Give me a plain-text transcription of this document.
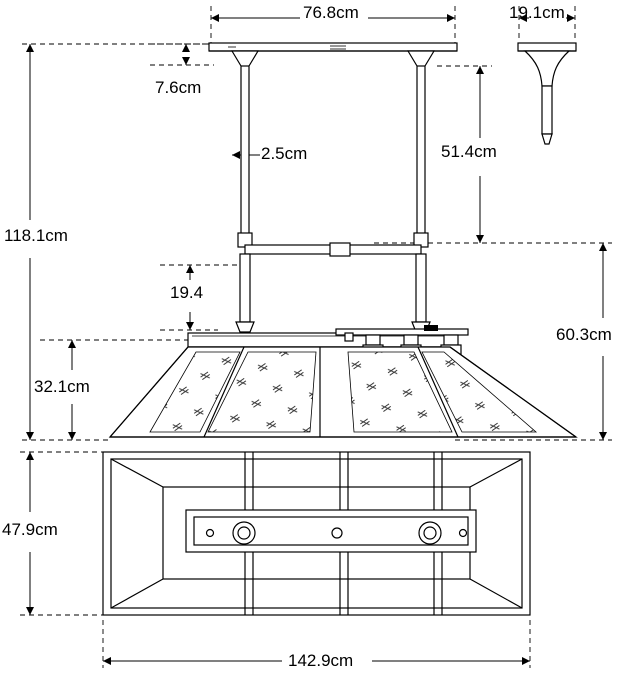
76.8cm	19.1cm
7.6cm
2.5cm	51.4cm
118.1cm
19.4
60.3cm
32.1cm
47.9cm
142.9cm
